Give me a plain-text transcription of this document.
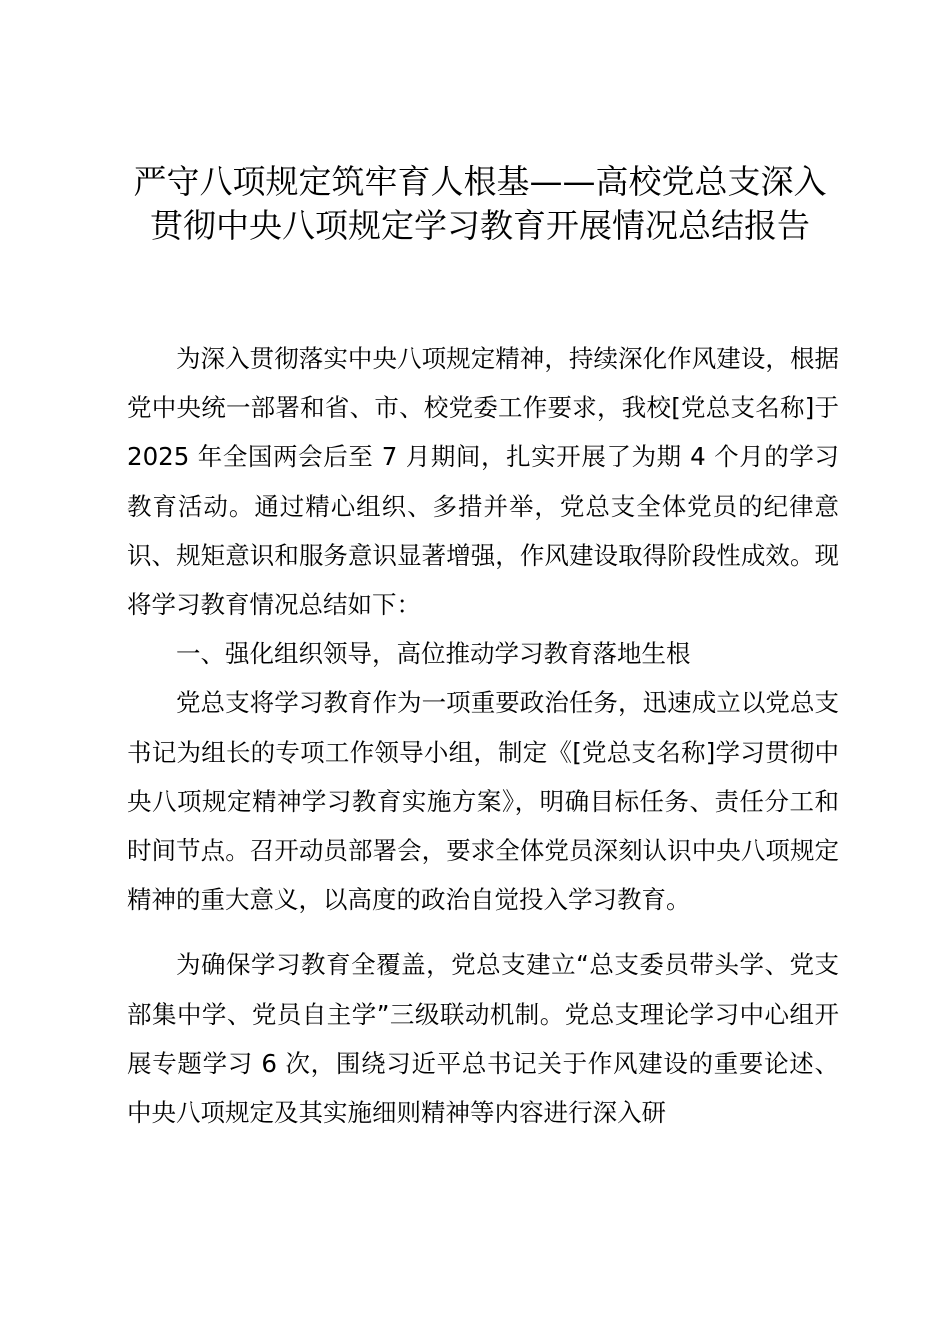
严守八项规定筑牢育人根基——高校党总支深入贯彻中央八项规定学习教育开展情况总结报告

为深入贯彻落实中央八项规定精神，持续深化作风建设，根据党中央统一部署和省、市、校党委工作要求，我校[党总支名称]于 2025 年全国两会后至 7 月期间，扎实开展了为期 4 个月的学习教育活动。通过精心组织、多措并举，党总支全体党员的纪律意识、规矩意识和服务意识显著增强，作风建设取得阶段性成效。现将学习教育情况总结如下：

一、强化组织领导，高位推动学习教育落地生根

党总支将学习教育作为一项重要政治任务，迅速成立以党总支书记为组长的专项工作领导小组，制定《[党总支名称]学习贯彻中央八项规定精神学习教育实施方案》，明确目标任务、责任分工和时间节点。召开动员部署会，要求全体党员深刻认识中央八项规定精神的重大意义，以高度的政治自觉投入学习教育。

为确保学习教育全覆盖，党总支建立“总支委员带头学、党支部集中学、党员自主学”三级联动机制。党总支理论学习中心组开展专题学习 6 次，围绕习近平总书记关于作风建设的重要论述、中央八项规定及其实施细则精神等内容进行深入研
